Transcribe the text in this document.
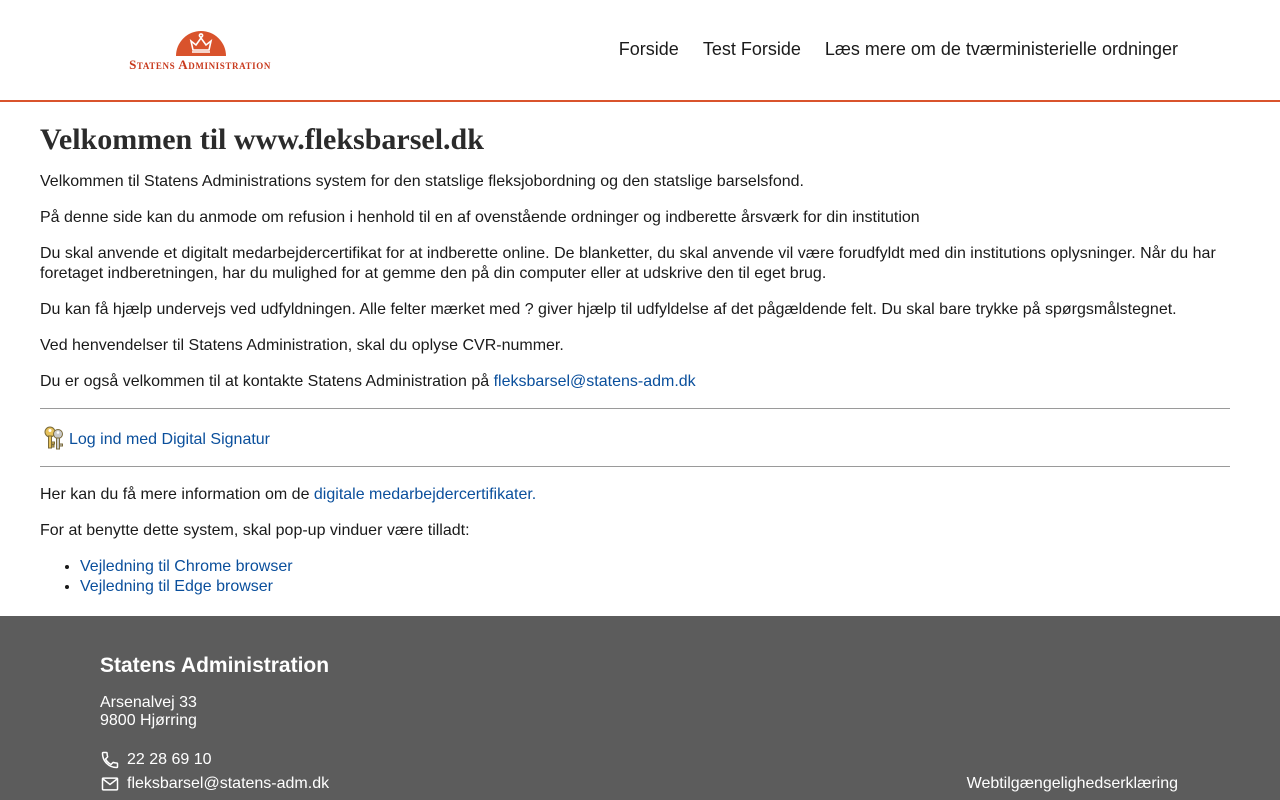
Statens Administration
Forside Test Forside Læs mere om de tværministerielle ordninger
Velkommen til www.fleksbarsel.dk

Velkommen til Statens Administrations system for den statslige fleksjobordning og den statslige barselsfond.

På denne side kan du anmode om refusion i henhold til en af ovenstående ordninger og indberette årsværk for din institution

Du skal anvende et digitalt medarbejdercertifikat for at indberette online. De blanketter, du skal anvende vil være forudfyldt med din institutions oplysninger. Når du har foretaget indberetningen, har du mulighed for at gemme den på din computer eller at udskrive den til eget brug.

Du kan få hjælp undervejs ved udfyldningen. Alle felter mærket med ? giver hjælp til udfyldelse af det pågældende felt. Du skal bare trykke på spørgsmålstegnet.

Ved henvendelser til Statens Administration, skal du oplyse CVR-nummer.

Du er også velkommen til at kontakte Statens Administration på fleksbarsel@statens-adm.dk

Log ind med Digital Signatur

Her kan du få mere information om de digitale medarbejdercertifikater.

For at benytte dette system, skal pop-up vinduer være tilladt:

• Vejledning til Chrome browser
• Vejledning til Edge browser
Statens Administration
Arsenalvej 33
9800 Hjørring
22 28 69 10
fleksbarsel@statens-adm.dk	Webtilgængelighedserklæring
